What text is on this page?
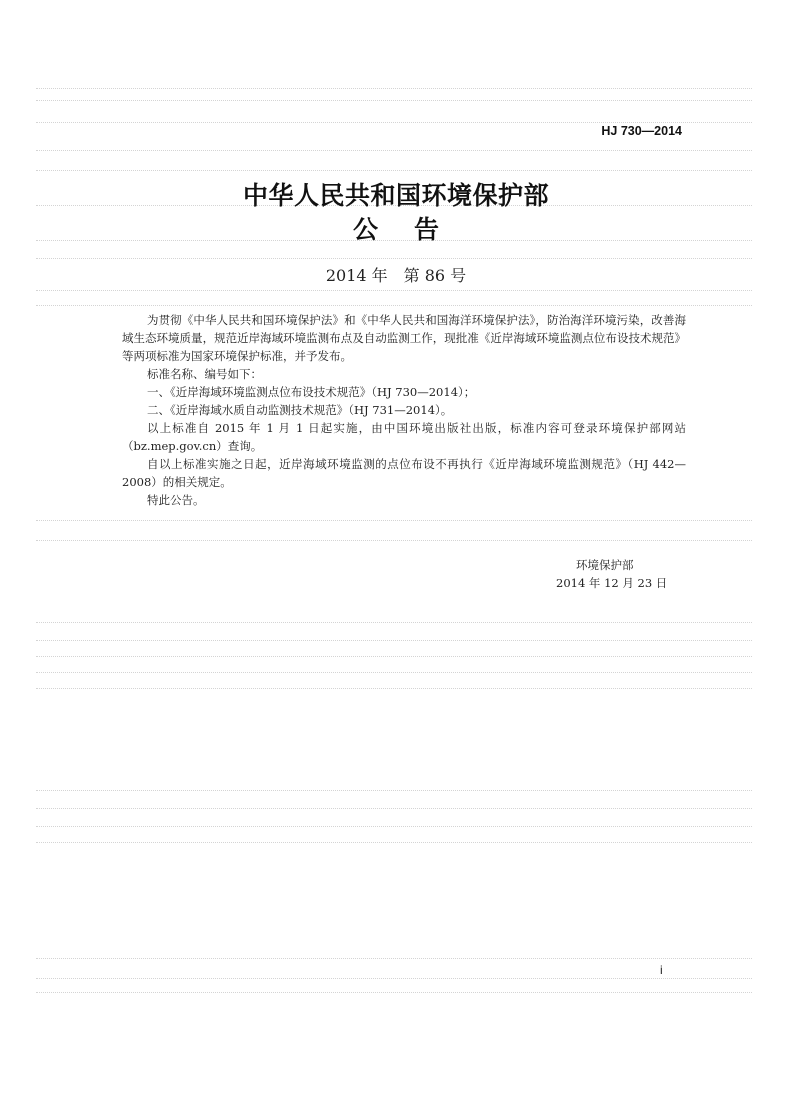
HJ 730—2014
中华人民共和国环境保护部
公 告
2014 年　第 86 号

为贯彻《中华人民共和国环境保护法》和《中华人民共和国海洋环境保护法》，防治海洋环境污染，改善海域生态环境质量，规范近岸海域环境监测布点及自动监测工作，现批准《近岸海域环境监测点位布设技术规范》等两项标准为国家环境保护标准，并予发布。

标准名称、编号如下：

一、《近岸海域环境监测点位布设技术规范》（HJ 730—2014）；

二、《近岸海域水质自动监测技术规范》（HJ 731—2014）。

以上标准自 2015 年 1 月 1 日起实施，由中国环境出版社出版，标准内容可登录环境保护部网站（bz.mep.gov.cn）查询。

自以上标准实施之日起，近岸海域环境监测的点位布设不再执行《近岸海域环境监测规范》（HJ 442—2008）的相关规定。

特此公告。

环境保护部
2014 年 12 月 23 日
i
